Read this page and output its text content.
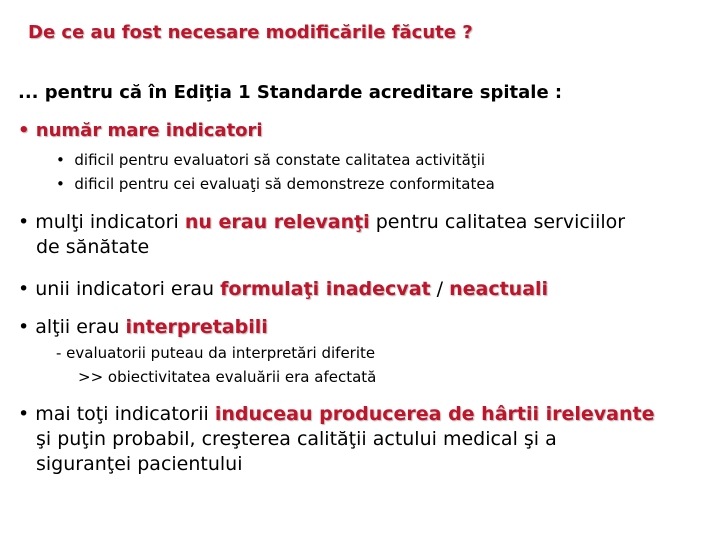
De ce au fost necesare modificările făcute ?
... pentru că în Ediţia 1 Standarde acreditare spitale :
• număr mare indicatori
• dificil pentru evaluatori să constate calitatea activităţii
• dificil pentru cei evaluaţi să demonstreze conformitatea
• mulţi indicatori nu erau relevanţi pentru calitatea serviciilor
de sănătate
• unii indicatori erau formulaţi inadecvat / neactuali
• alţii erau interpretabili
- evaluatorii puteau da interpretări diferite
>> obiectivitatea evaluării era afectată
• mai toţi indicatorii induceau producerea de hârtii irelevante
şi puţin probabil, creşterea calităţii actului medical şi a
siguranţei pacientului
